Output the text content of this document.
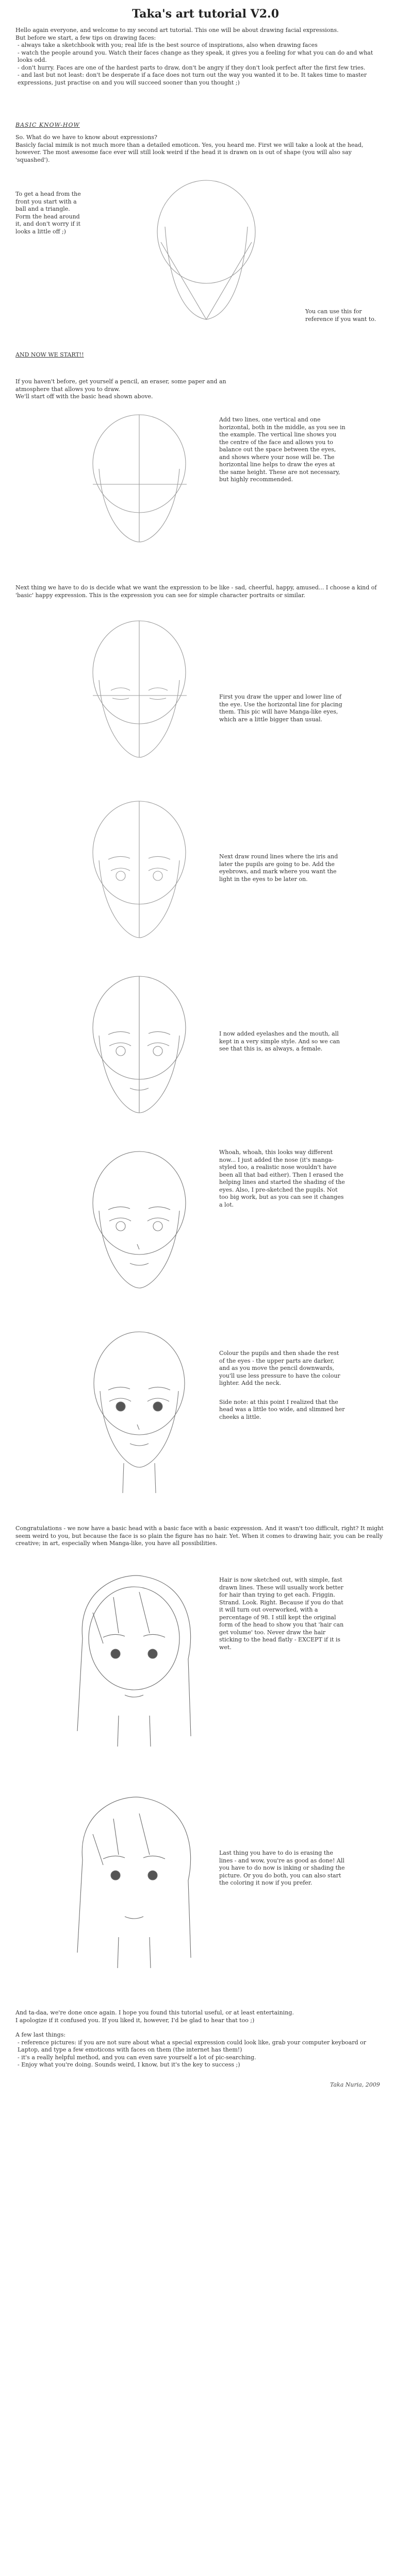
Taka's art tutorial V2.0

Hello again everyone, and welcome to my second art tutorial. This one will be about drawing facial expressions.

But before we start, a few tips on drawing faces:

- always take a sketchbook with you; real life is the best source of inspirations, also when drawing faces
- watch the people around you. Watch their faces change as they speak, it gives you a feeling for what you can do and what looks odd.
- don't hurry. Faces are one of the hardest parts to draw, don't be angry if they don't look perfect after the first few tries.
- and last but not least: don't be desperate if a face does not turn out the way you wanted it to be. It takes time to master expressions, just practise on and you will succeed sooner than you thought ;)
BASIC KNOW-HOW

So. What do we have to know about expressions?

Basicly facial mimik is not much more than a detailed emoticon. Yes, you heard me. First we will take a look at the head, however. The most awesome face ever will still look weird if the head it is drawn on is out of shape (you will also say 'squashed').

To get a head from the front you start with a ball and a triangle. Form the head around it, and don't worry if it looks a little off ;)
You can use this for reference if you want to.
AND NOW WE START!!

If you haven't before, get yourself a pencil, an eraser, some paper and an atmosphere that allows you to draw.

We'll start off with the basic head shown above.

Add two lines, one vertical and one horizontal, both in the middle, as you see in the example. The vertical line shows you the centre of the face and allows you to balance out the space between the eyes, and shows where your nose will be. The horizontal line helps to draw the eyes at the same height. These are not necessary, but highly recommended.
Next thing we have to do is decide what we want the expression to be like - sad, cheerful, happy, amused... I choose a kind of 'basic' happy expression. This is the expression you can see for simple character portraits or similar.
First you draw the upper and lower line of the eye. Use the horizontal line for placing them. This pic will have Manga-like eyes, which are a little bigger than usual.
Next draw round lines where the iris and later the pupils are going to be. Add the eyebrows, and mark where you want the light in the eyes to be later on.
I now added eyelashes and the mouth, all kept in a very simple style. And so we can see that this is, as always, a female.
Whoah, whoah, this looks way different now... I just added the nose (it's manga-styled too, a realistic nose wouldn't have been all that bad either). Then I erased the helping lines and started the shading of the eyes. Also, I pre-sketched the pupils. Not too big work, but as you can see it changes a lot.

Colour the pupils and then shade the rest of the eyes - the upper parts are darker, and as you move the pencil downwards, you'll use less pressure to have the colour lighter. Add the neck.

Side note: at this point I realized that the head was a little too wide, and slimmed her cheeks a little.

Congratulations - we now have a basic head with a basic face with a basic expression. And it wasn't too difficult, right? It might seem weird to you, but because the face is so plain the figure has no hair. Yet. When it comes to drawing hair, you can be really creative; in art, especially when Manga-like, you have all possibilities.
Hair is now sketched out, with simple, fast drawn lines. These will usually work better for hair than trying to get each. Friggin. Strand. Look. Right. Because if you do that it will turn out overworked, with a percentage of 98. I still kept the original form of the head to show you that 'hair can get volume' too. Never draw the hair sticking to the head flatly - EXCEPT if it is wet.
Last thing you have to do is erasing the lines - and wow, you're as good as done! All you have to do now is inking or shading the picture. Or you do both, you can also start the coloring it now if you prefer.

And ta-daa, we're done once again. I hope you found this tutorial useful, or at least entertaining.

I apologize if it confused you. If you liked it, however, I'd be glad to hear that too ;)

A few last things:

- reference pictures: if you are not sure about what a special expression could look like, grab your computer keyboard or Laptop, and type a few emoticons with faces on them (the internet has them!)
- it's a really helpful method, and you can even save yourself a lot of pic-searching.
- Enjoy what you're doing. Sounds weird, I know, but it's the key to success ;)
Taka Nuria, 2009
